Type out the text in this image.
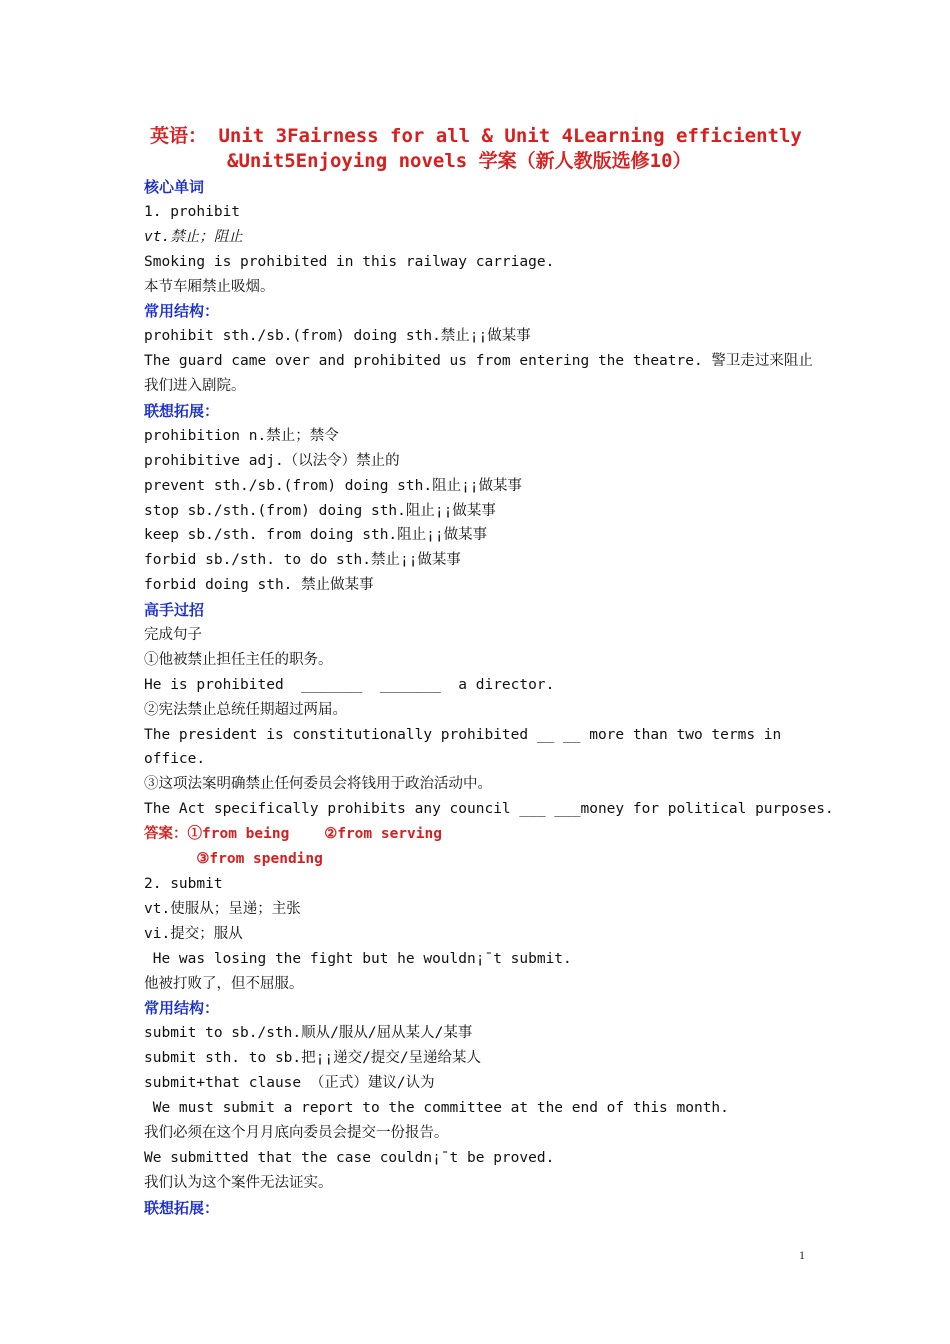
英语： Unit 3Fairness for all & Unit 4Learning efficiently
&Unit5Enjoying novels 学案（新人教版选修10）
核心单词
1. prohibit
vt.禁止；阻止
Smoking is prohibited in this railway carriage.
本节车厢禁止吸烟。
常用结构：
prohibit sth./sb.(from) doing sth.禁止¡¡做某事
The guard came over and prohibited us from entering the theatre. 警卫走过来阻止
我们进入剧院。
联想拓展：
prohibition n.禁止；禁令
prohibitive adj.（以法令）禁止的
prevent sth./sb.(from) doing sth.阻止¡¡做某事
stop sb./sth.(from) doing sth.阻止¡¡做某事
keep sb./sth. from doing sth.阻止¡¡做某事
forbid sb./sth. to do sth.禁止¡¡做某事
forbid doing sth. 禁止做某事
高手过招
完成句子
①他被禁止担任主任的职务。
He is prohibited  _______  _______  a director.
②宪法禁止总统任期超过两届。
The president is constitutionally prohibited __ __ more than two terms in
office.
③这项法案明确禁止任何委员会将钱用于政治活动中。
The Act specifically prohibits any council ___ ___money for political purposes.
答案：①from being    ②from serving
③from spending
2. submit
vt.使服从；呈递；主张
vi.提交；服从
He was losing the fight but he wouldn¡¯t submit.
他被打败了，但不屈服。
常用结构：
submit to sb./sth.顺从/服从/屈从某人/某事
submit sth. to sb.把¡¡递交/提交/呈递给某人
submit+that clause （正式）建议/认为
We must submit a report to the committee at the end of this month.
我们必须在这个月月底向委员会提交一份报告。
We submitted that the case couldn¡¯t be proved.
我们认为这个案件无法证实。
联想拓展：
1
